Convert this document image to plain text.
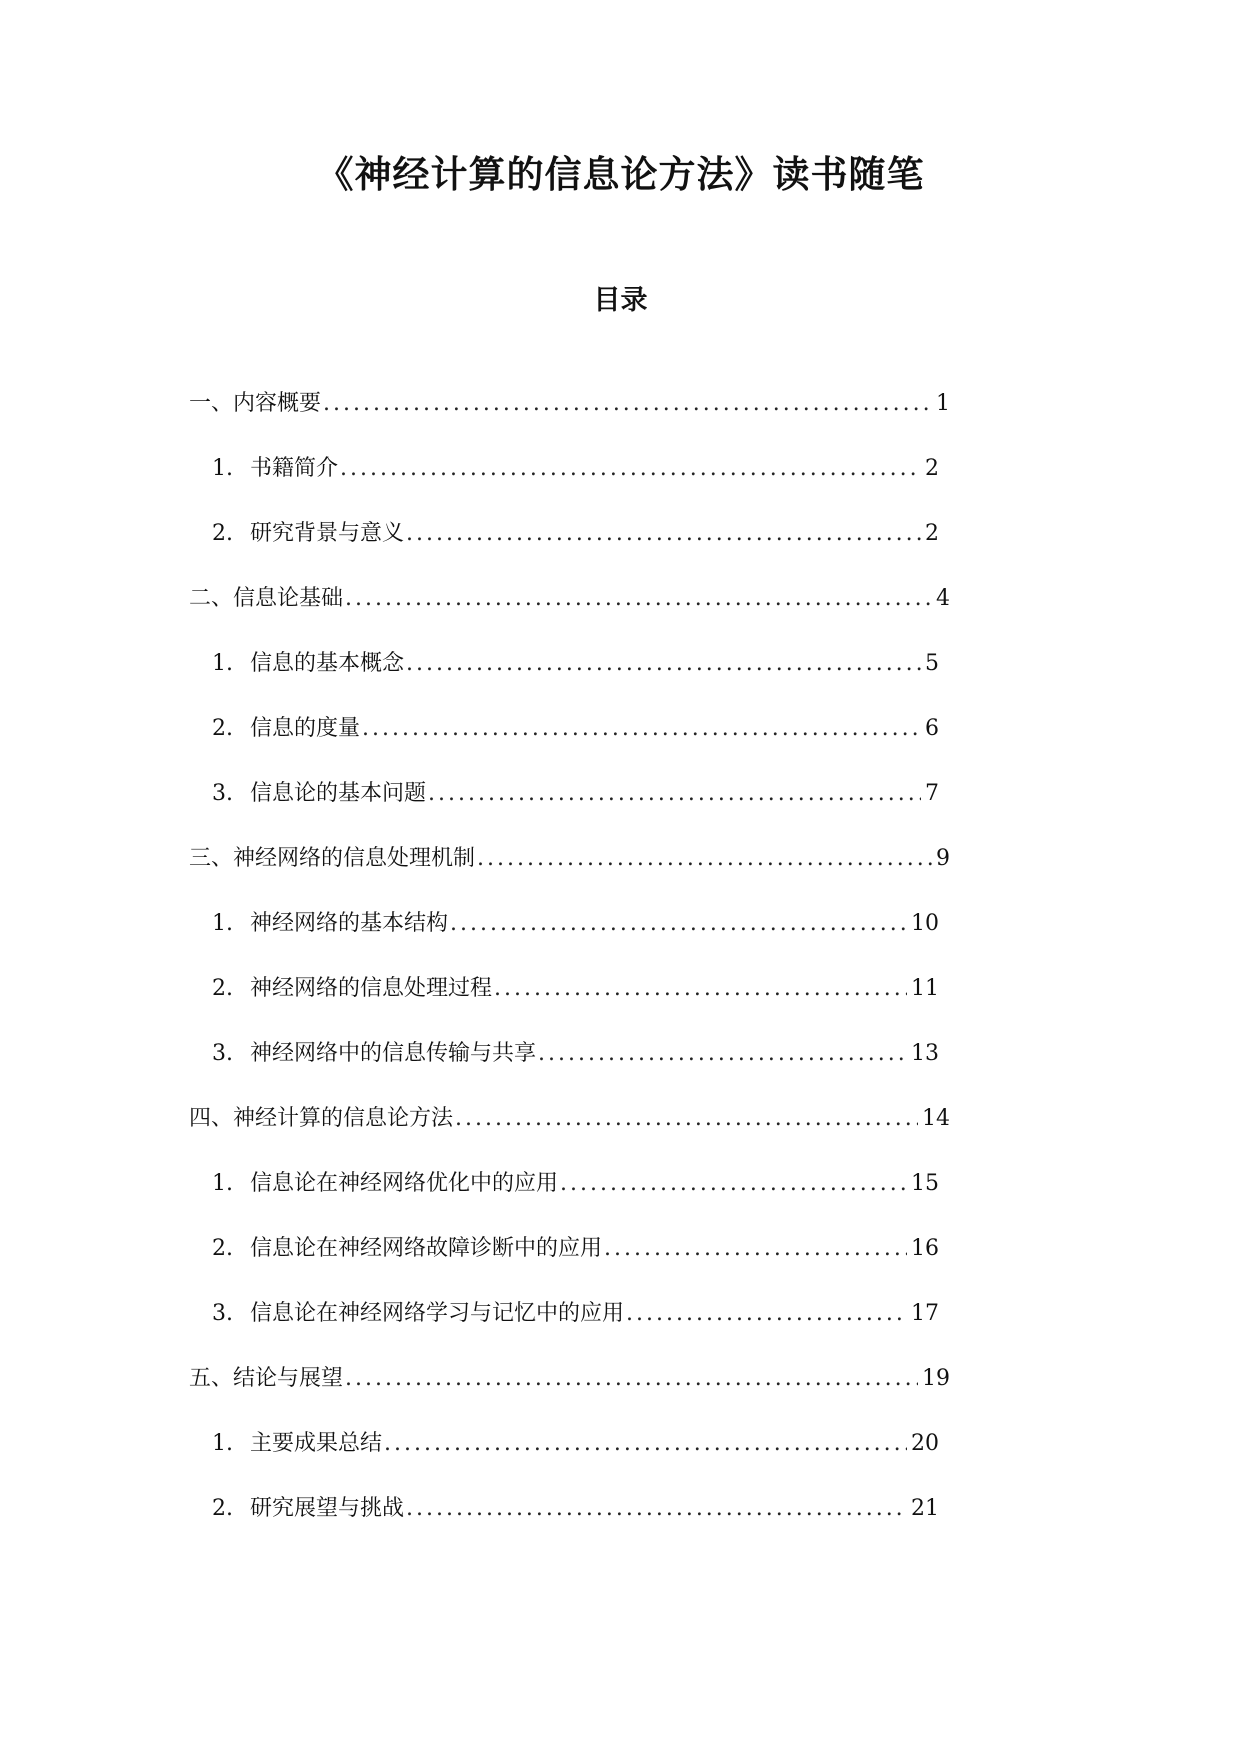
《神经计算的信息论方法》读书随笔
目录
一、内容概要 .....	1
1. 书籍简介 .....	2
2. 研究背景与意义 .....	2
二、信息论基础 .....	4
1. 信息的基本概念 .....	5
2. 信息的度量 .....	6
3. 信息论的基本问题 .....	7
三、神经网络的信息处理机制 .....	9
1. 神经网络的基本结构 .....	10
2. 神经网络的信息处理过程 .....	11
3. 神经网络中的信息传输与共享 .....	13
四、神经计算的信息论方法 .....	14
1. 信息论在神经网络优化中的应用 .....	15
2. 信息论在神经网络故障诊断中的应用 .....	16
3. 信息论在神经网络学习与记忆中的应用 .....	17
五、结论与展望 .....	19
1. 主要成果总结 .....	20
2. 研究展望与挑战 .....	21
